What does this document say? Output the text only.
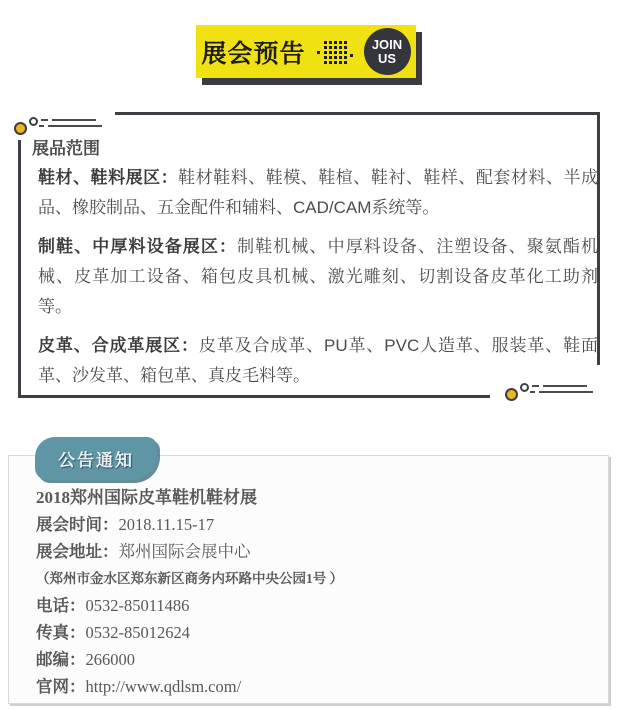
展会预告	JOIN
US
展品范围

鞋材、鞋料展区：鞋材鞋料、鞋模、鞋楦、鞋衬、鞋样、配套材料、半成品、橡胶制品、五金配件和辅料、CAD/CAM系统等。

制鞋、中厚料设备展区：制鞋机械、中厚料设备、注塑设备、聚氨酯机械、皮革加工设备、箱包皮具机械、激光雕刻、切割设备皮革化工助剂等。

皮革、合成革展区：皮革及合成革、PU革、PVC人造革、服装革、鞋面革、沙发革、箱包革、真皮毛料等。

2018郑州国际皮革鞋机鞋材展
展会时间：2018.11.15-17
展会地址：郑州国际会展中心
（郑州市金水区郑东新区商务内环路中央公园1号 ）
电话：0532-85011486
传真：0532-85012624
邮编：266000
官网：http://www.qdlsm.com/
公告通知
